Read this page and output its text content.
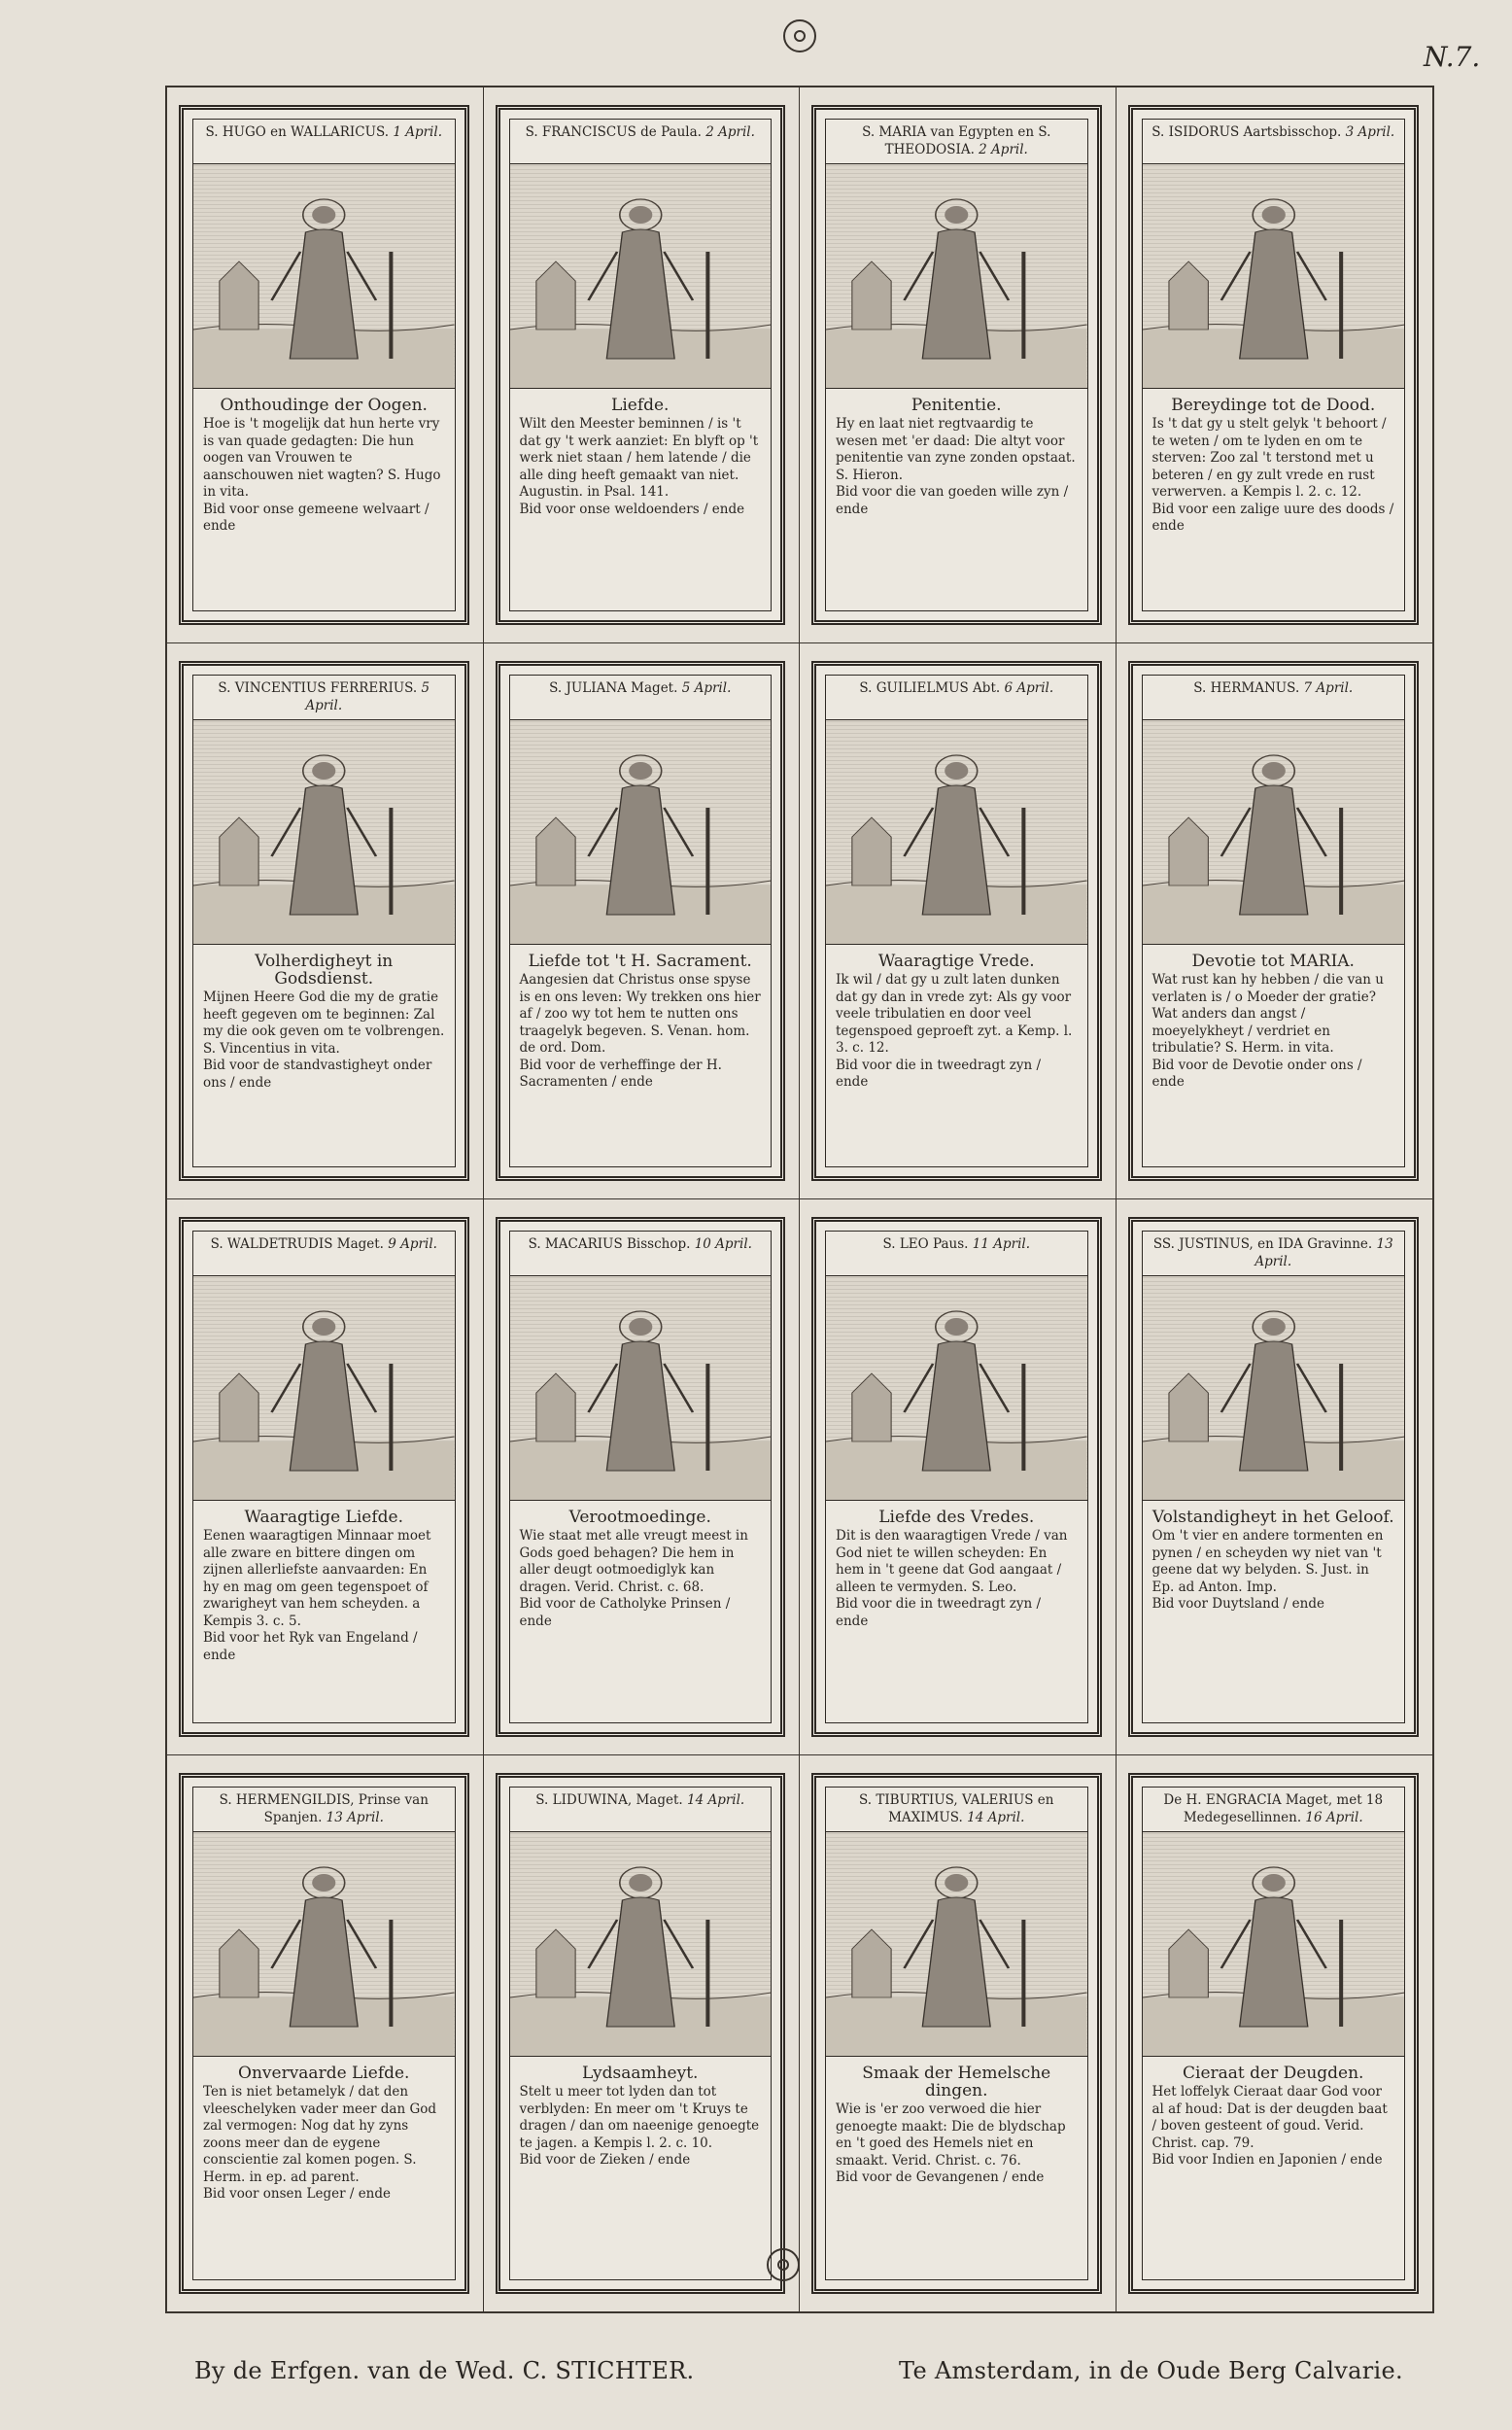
N.7.
S. HUGO en WALLARICUS. 1 April.
Onthoudinge der Oogen.
Hoe is 't mogelijk dat hun herte vry is van quade gedagten: Die hun oogen van Vrouwen te aanschouwen niet wagten? S. Hugo in vita.
Bid voor onse gemeene welvaart / ende
S. FRANCISCUS de Paula. 2 April.
Liefde.
Wilt den Meester beminnen / is 't dat gy 't werk aanziet: En blyft op 't werk niet staan / hem latende / die alle ding heeft gemaakt van niet. Augustin. in Psal. 141.
Bid voor onse weldoenders / ende
S. MARIA van Egypten en S. THEODOSIA. 2 April.
Penitentie.
Hy en laat niet regtvaardig te wesen met 'er daad: Die altyt voor penitentie van zyne zonden opstaat. S. Hieron.
Bid voor die van goeden wille zyn / ende
S. ISIDORUS Aartsbisschop. 3 April.
Bereydinge tot de Dood.
Is 't dat gy u stelt gelyk 't behoort / te weten / om te lyden en om te sterven: Zoo zal 't terstond met u beteren / en gy zult vrede en rust verwerven. a Kempis l. 2. c. 12.
Bid voor een zalige uure des doods / ende
S. VINCENTIUS FERRERIUS. 5 April.
Volherdigheyt in Godsdienst.
Mijnen Heere God die my de gratie heeft gegeven om te beginnen: Zal my die ook geven om te volbrengen. S. Vincentius in vita.
Bid voor de standvastigheyt onder ons / ende
S. JULIANA Maget. 5 April.
Liefde tot 't H. Sacrament.
Aangesien dat Christus onse spyse is en ons leven: Wy trekken ons hier af / zoo wy tot hem te nutten ons traagelyk begeven. S. Venan. hom. de ord. Dom.
Bid voor de verheffinge der H. Sacramenten / ende
S. GUILIELMUS Abt. 6 April.
Waaragtige Vrede.
Ik wil / dat gy u zult laten dunken dat gy dan in vrede zyt: Als gy voor veele tribulatien en door veel tegenspoed geproeft zyt. a Kemp. l. 3. c. 12.
Bid voor die in tweedragt zyn / ende
S. HERMANUS. 7 April.
Devotie tot MARIA.
Wat rust kan hy hebben / die van u verlaten is / o Moeder der gratie? Wat anders dan angst / moeyelykheyt / verdriet en tribulatie? S. Herm. in vita.
Bid voor de Devotie onder ons / ende
S. WALDETRUDIS Maget. 9 April.
Waaragtige Liefde.
Eenen waaragtigen Minnaar moet alle zware en bittere dingen om zijnen allerliefste aanvaarden: En hy en mag om geen tegenspoet of zwarigheyt van hem scheyden. a Kempis 3. c. 5.
Bid voor het Ryk van Engeland / ende
S. MACARIUS Bisschop. 10 April.
Verootmoedinge.
Wie staat met alle vreugt meest in Gods goed behagen? Die hem in aller deugt ootmoediglyk kan dragen. Verid. Christ. c. 68.
Bid voor de Catholyke Prinsen / ende
S. LEO Paus. 11 April.
Liefde des Vredes.
Dit is den waaragtigen Vrede / van God niet te willen scheyden: En hem in 't geene dat God aangaat / alleen te vermyden. S. Leo.
Bid voor die in tweedragt zyn / ende
SS. JUSTINUS, en IDA Gravinne. 13 April.
Volstandigheyt in het Geloof.
Om 't vier en andere tormenten en pynen / en scheyden wy niet van 't geene dat wy belyden. S. Just. in Ep. ad Anton. Imp.
Bid voor Duytsland / ende
S. HERMENGILDIS, Prinse van Spanjen. 13 April.
Onvervaarde Liefde.
Ten is niet betamelyk / dat den vleeschelyken vader meer dan God zal vermogen: Nog dat hy zyns zoons meer dan de eygene conscientie zal komen pogen. S. Herm. in ep. ad parent.
Bid voor onsen Leger / ende
S. LIDUWINA, Maget. 14 April.
Lydsaamheyt.
Stelt u meer tot lyden dan tot verblyden: En meer om 't Kruys te dragen / dan om naeenige genoegte te jagen. a Kempis l. 2. c. 10.
Bid voor de Zieken / ende
S. TIBURTIUS, VALERIUS en MAXIMUS. 14 April.
Smaak der Hemelsche dingen.
Wie is 'er zoo verwoed die hier genoegte maakt: Die de blydschap en 't goed des Hemels niet en smaakt. Verid. Christ. c. 76.
Bid voor de Gevangenen / ende
De H. ENGRACIA Maget, met 18 Medegesellinnen. 16 April.
Cieraat der Deugden.
Het loffelyk Cieraat daar God voor al af houd: Dat is der deugden baat / boven gesteent of goud. Verid. Christ. cap. 79.
Bid voor Indien en Japonien / ende
By de Erfgen. van de Wed. C. STICHTER.	Te Amsterdam, in de Oude Berg Calvarie.
